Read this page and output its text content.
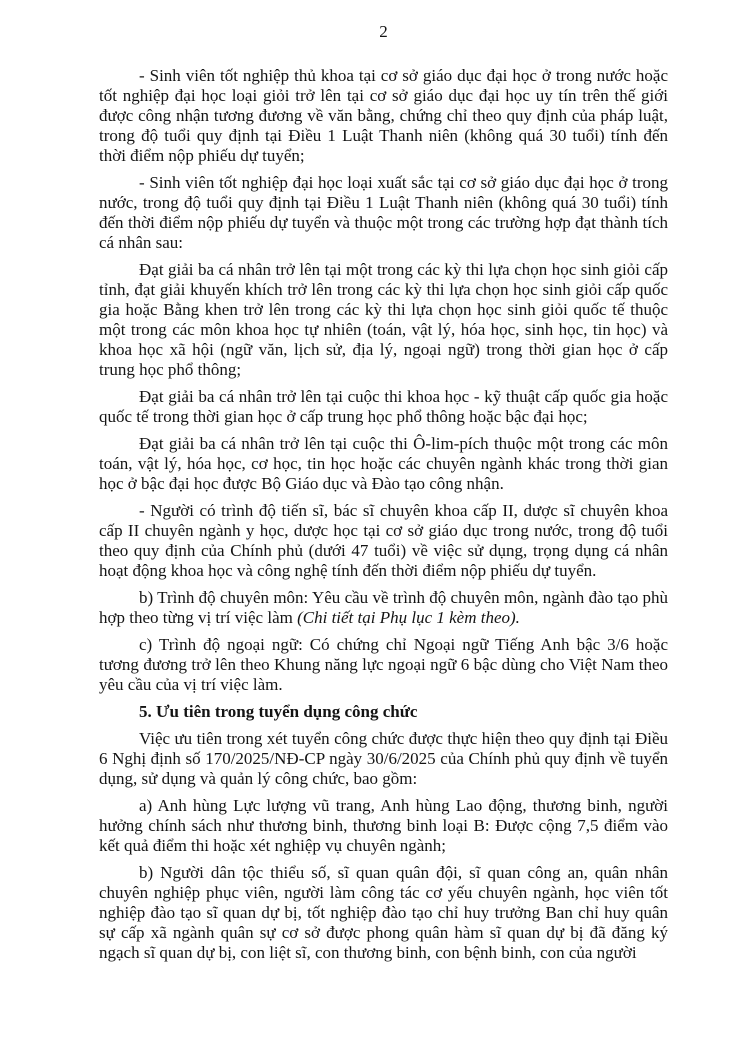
2

- Sinh viên tốt nghiệp thủ khoa tại cơ sở giáo dục đại học ở trong nước hoặc tốt nghiệp đại học loại giỏi trở lên tại cơ sở giáo dục đại học uy tín trên thế giới được công nhận tương đương về văn bằng, chứng chỉ theo quy định của pháp luật, trong độ tuổi quy định tại Điều 1 Luật Thanh niên (không quá 30 tuổi) tính đến thời điểm nộp phiếu dự tuyển;

- Sinh viên tốt nghiệp đại học loại xuất sắc tại cơ sở giáo dục đại học ở trong nước, trong độ tuổi quy định tại Điều 1 Luật Thanh niên (không quá 30 tuổi) tính đến thời điểm nộp phiếu dự tuyển và thuộc một trong các trường hợp đạt thành tích cá nhân sau:

Đạt giải ba cá nhân trở lên tại một trong các kỳ thi lựa chọn học sinh giỏi cấp tỉnh, đạt giải khuyến khích trở lên trong các kỳ thi lựa chọn học sinh giỏi cấp quốc gia hoặc Bằng khen trở lên trong các kỳ thi lựa chọn học sinh giỏi quốc tế thuộc một trong các môn khoa học tự nhiên (toán, vật lý, hóa học, sinh học, tin học) và khoa học xã hội (ngữ văn, lịch sử, địa lý, ngoại ngữ) trong thời gian học ở cấp trung học phổ thông;

Đạt giải ba cá nhân trở lên tại cuộc thi khoa học - kỹ thuật cấp quốc gia hoặc quốc tế trong thời gian học ở cấp trung học phổ thông hoặc bậc đại học;

Đạt giải ba cá nhân trở lên tại cuộc thi Ô-lim-pích thuộc một trong các môn toán, vật lý, hóa học, cơ học, tin học hoặc các chuyên ngành khác trong thời gian học ở bậc đại học được Bộ Giáo dục và Đào tạo công nhận.

- Người có trình độ tiến sĩ, bác sĩ chuyên khoa cấp II, dược sĩ chuyên khoa cấp II chuyên ngành y học, dược học tại cơ sở giáo dục trong nước, trong độ tuổi theo quy định của Chính phủ (dưới 47 tuổi) về việc sử dụng, trọng dụng cá nhân hoạt động khoa học và công nghệ tính đến thời điểm nộp phiếu dự tuyển.

b) Trình độ chuyên môn: Yêu cầu về trình độ chuyên môn, ngành đào tạo phù hợp theo từng vị trí việc làm (Chi tiết tại Phụ lục 1 kèm theo).

c) Trình độ ngoại ngữ: Có chứng chỉ Ngoại ngữ Tiếng Anh bậc 3/6 hoặc tương đương trở lên theo Khung năng lực ngoại ngữ 6 bậc dùng cho Việt Nam theo yêu cầu của vị trí việc làm.

5. Ưu tiên trong tuyển dụng công chức

Việc ưu tiên trong xét tuyển công chức được thực hiện theo quy định tại Điều 6 Nghị định số 170/2025/NĐ-CP ngày 30/6/2025 của Chính phủ quy định về tuyển dụng, sử dụng và quản lý công chức, bao gồm:

a) Anh hùng Lực lượng vũ trang, Anh hùng Lao động, thương binh, người hưởng chính sách như thương binh, thương binh loại B: Được cộng 7,5 điểm vào kết quả điểm thi hoặc xét nghiệp vụ chuyên ngành;

b) Người dân tộc thiểu số, sĩ quan quân đội, sĩ quan công an, quân nhân chuyên nghiệp phục viên, người làm công tác cơ yếu chuyên ngành, học viên tốt nghiệp đào tạo sĩ quan dự bị, tốt nghiệp đào tạo chỉ huy trưởng Ban chỉ huy quân sự cấp xã ngành quân sự cơ sở được phong quân hàm sĩ quan dự bị đã đăng ký ngạch sĩ quan dự bị, con liệt sĩ, con thương binh, con bệnh binh, con của người
